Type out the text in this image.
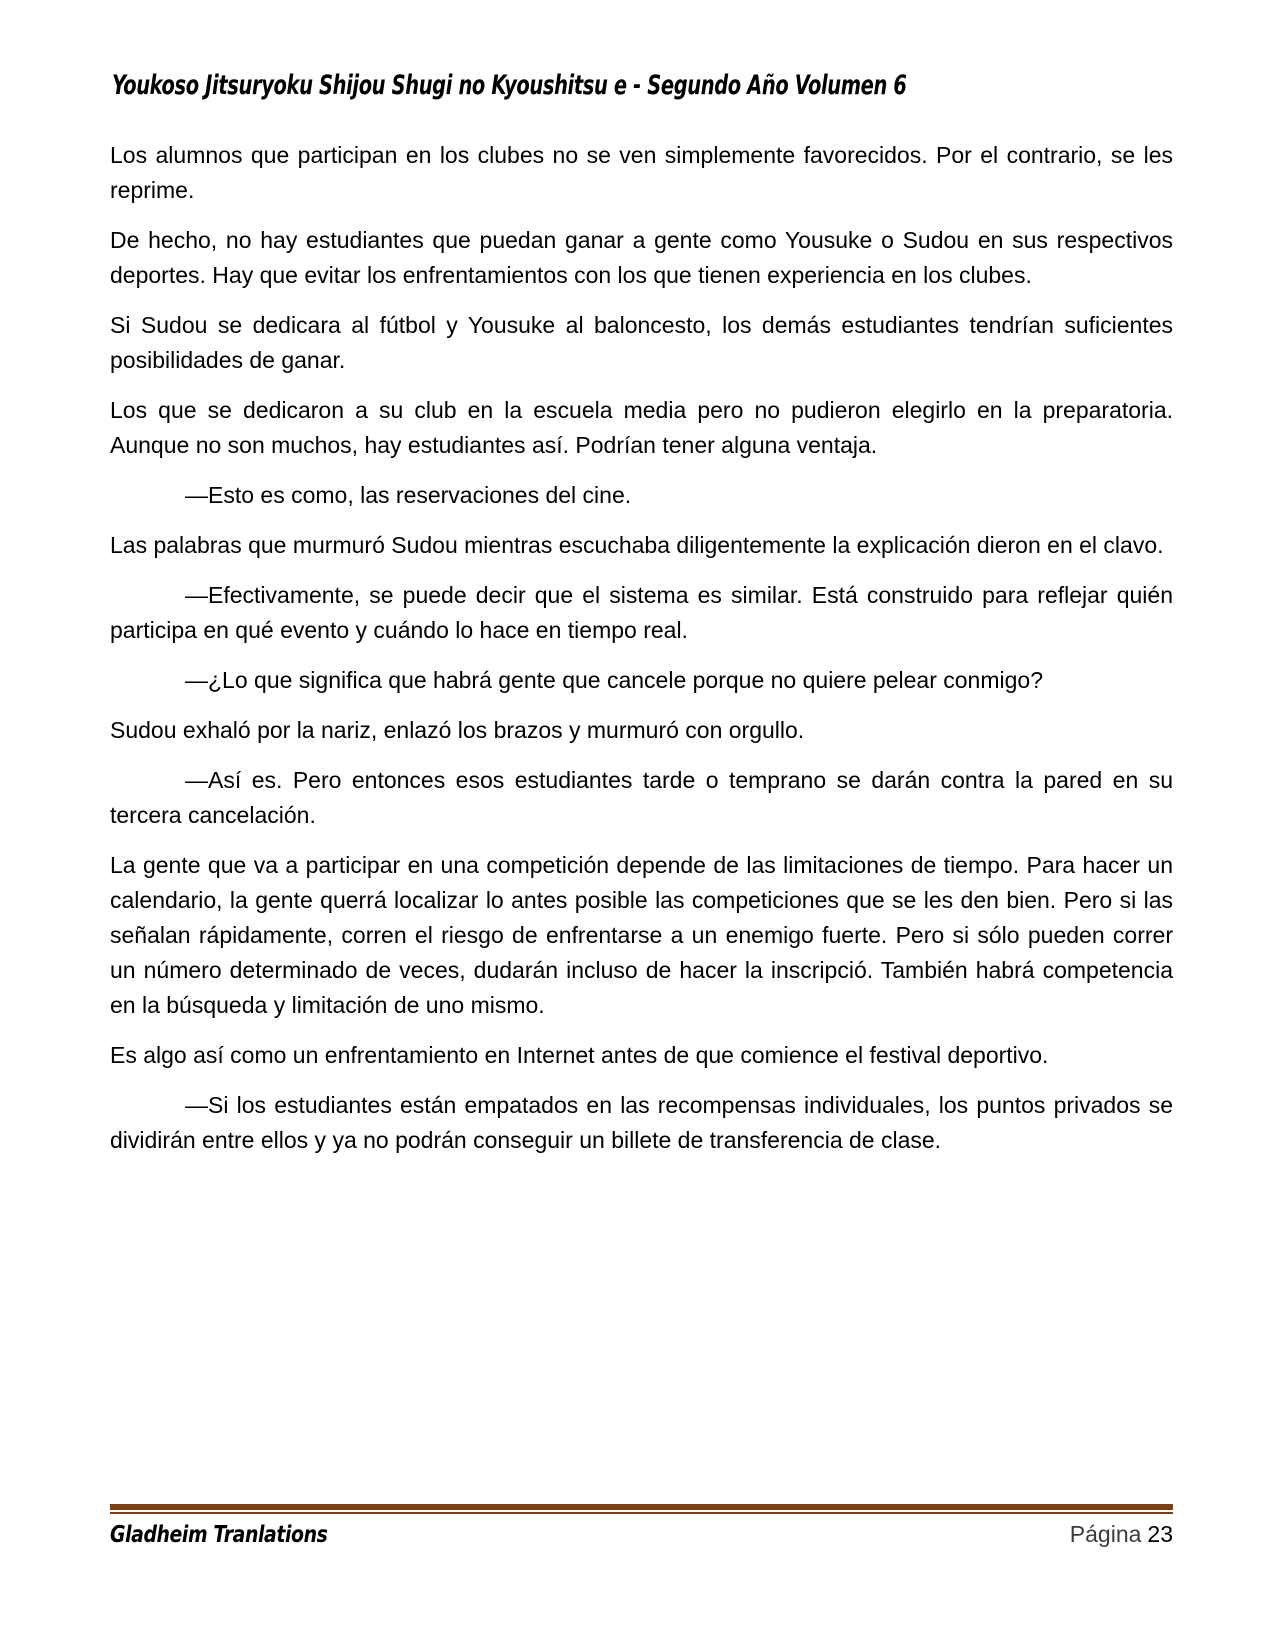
Youkoso Jitsuryoku Shijou Shugi no Kyoushitsu e - Segundo Año Volumen 6

Los alumnos que participan en los clubes no se ven simplemente favorecidos. Por el contrario, se les reprime.

De hecho, no hay estudiantes que puedan ganar a gente como Yousuke o Sudou en sus respectivos deportes. Hay que evitar los enfrentamientos con los que tienen experiencia en los clubes.

Si Sudou se dedicara al fútbol y Yousuke al baloncesto, los demás estudiantes tendrían suficientes posibilidades de ganar.

Los que se dedicaron a su club en la escuela media pero no pudieron elegirlo en la preparatoria. Aunque no son muchos, hay estudiantes así. Podrían tener alguna ventaja.

—Esto es como, las reservaciones del cine.

Las palabras que murmuró Sudou mientras escuchaba diligentemente la explicación dieron en el clavo.

—Efectivamente, se puede decir que el sistema es similar. Está construido para reflejar quién participa en qué evento y cuándo lo hace en tiempo real.

—¿Lo que significa que habrá gente que cancele porque no quiere pelear conmigo?

Sudou exhaló por la nariz, enlazó los brazos y murmuró con orgullo.

—Así es. Pero entonces esos estudiantes tarde o temprano se darán contra la pared en su tercera cancelación.

La gente que va a participar en una competición depende de las limitaciones de tiempo. Para hacer un calendario, la gente querrá localizar lo antes posible las competiciones que se les den bien. Pero si las señalan rápidamente, corren el riesgo de enfrentarse a un enemigo fuerte. Pero si sólo pueden correr un número determinado de veces, dudarán incluso de hacer la inscripció. También habrá competencia en la búsqueda y limitación de uno mismo.

Es algo así como un enfrentamiento en Internet antes de que comience el festival deportivo.

—Si los estudiantes están empatados en las recompensas individuales, los puntos privados se dividirán entre ellos y ya no podrán conseguir un billete de transferencia de clase.

Gladheim Tranlations	Página 23
